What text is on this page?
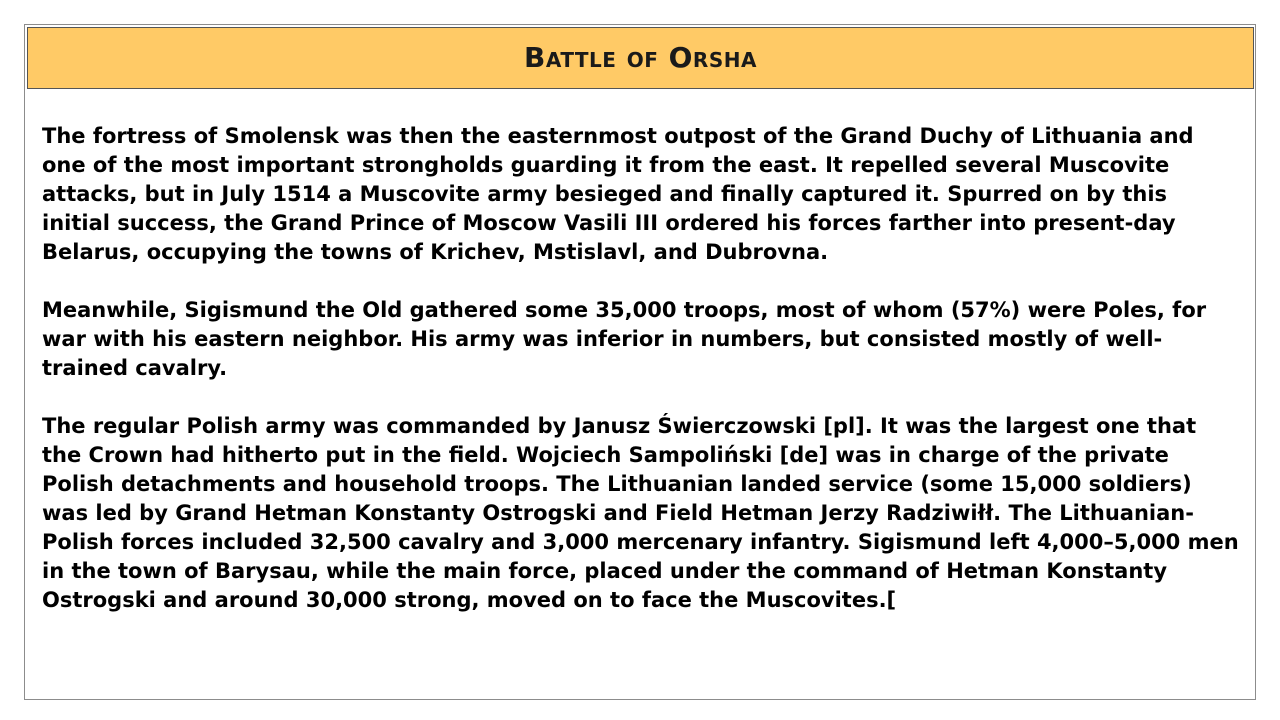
Battle of Orsha

The fortress of Smolensk was then the easternmost outpost of the Grand Duchy of Lithuania and one of the most important strongholds guarding it from the east. It repelled several Muscovite attacks, but in July 1514 a Muscovite army besieged and finally captured it. Spurred on by this initial success, the Grand Prince of Moscow Vasili III ordered his forces farther into present-day Belarus, occupying the towns of Krichev, Mstislavl, and Dubrovna.

Meanwhile, Sigismund the Old gathered some 35,000 troops, most of whom (57%) were Poles, for war with his eastern neighbor. His army was inferior in numbers, but consisted mostly of well-trained cavalry.

The regular Polish army was commanded by Janusz Świerczowski [pl]. It was the largest one that the Crown had hitherto put in the field. Wojciech Sampoliński [de] was in charge of the private Polish detachments and household troops. The Lithuanian landed service (some 15,000 soldiers) was led by Grand Hetman Konstanty Ostrogski and Field Hetman Jerzy Radziwiłł. The Lithuanian-Polish forces included 32,500 cavalry and 3,000 mercenary infantry. Sigismund left 4,000–5,000 men in the town of Barysau, while the main force, placed under the command of Hetman Konstanty Ostrogski and around 30,000 strong, moved on to face the Muscovites.[
